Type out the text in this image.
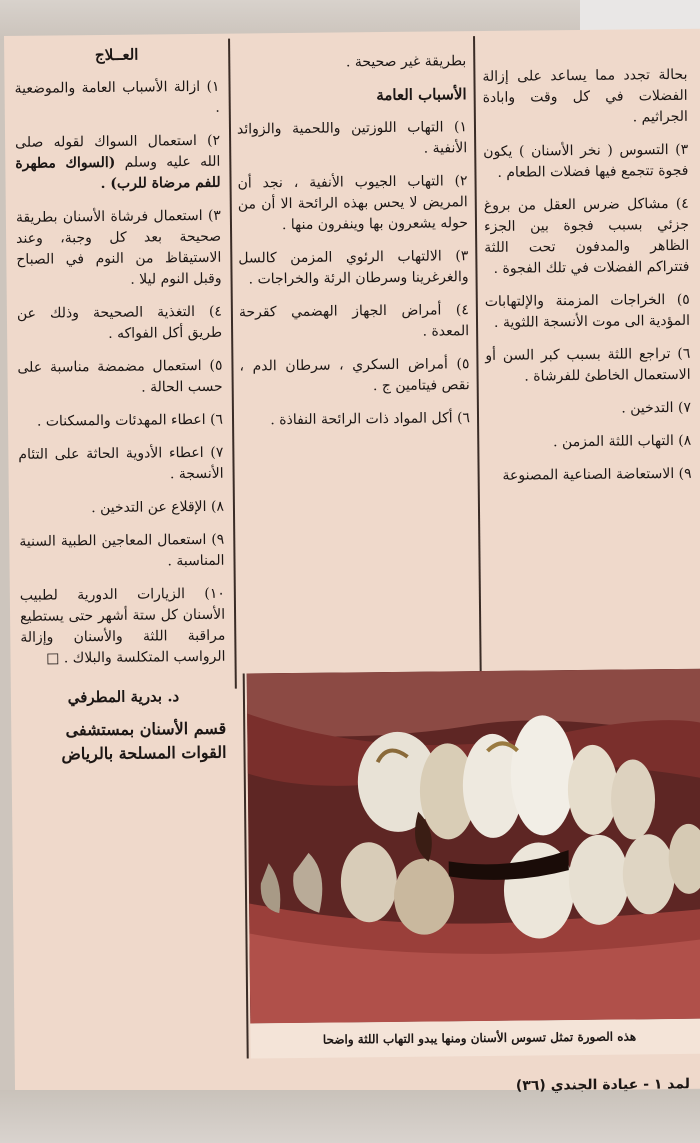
العــلاج

١) ازالة الأسباب العامة والموضعية .

٢) استعمال السواك لقوله صلى الله عليه وسلم (السواك مطهرة للفم مرضاة للرب) .

٣) استعمال فرشاة الأسنان بطريقة صحيحة بعد كل وجبة، وعند الاستيقاظ من النوم في الصباح وقبل النوم ليلا .

٤) التغذية الصحيحة وذلك عن طريق أكل الفواكه .

٥) استعمال مضمضة مناسبة على حسب الحالة .

٦) اعطاء المهدئات والمسكنات .

٧) اعطاء الأدوية الحاثة على التئام الأنسجة .

٨) الإقلاع عن التدخين .

٩) استعمال المعاجين الطبية السنية المناسبة .

١٠) الزيارات الدورية لطبيب الأسنان كل ستة أشهر حتى يستطيع مراقبة اللثة والأسنان وإزالة الرواسب المتكلسة والبلاك . □

د. بدرية المطرفي
قسم الأسنان بمستشفى القوات المسلحة بالرياض

بطريقة غير صحيحة .

الأسباب العامة

١) التهاب اللوزتين واللحمية والزوائد الأنفية .

٢) التهاب الجيوب الأنفية ، نجد أن المريض لا يحس بهذه الرائحة الا أن من حوله يشعرون بها وينفرون منها .

٣) الالتهاب الرئوي المزمن كالسل والغرغرينا وسرطان الرئة والخراجات .

٤) أمراض الجهاز الهضمي كقرحة المعدة .

٥) أمراض السكري ، سرطان الدم ، نقص فيتامين ج .

٦) أكل المواد ذات الرائحة النفاذة .

بحالة تجدد مما يساعد على إزالة الفضلات في كل وقت وابادة الجراثيم .

٣) التسوس ( نخر الأسنان ) يكون فجوة تتجمع فيها فضلات الطعام .

٤) مشاكل ضرس العقل من بروغ جزئي بسبب فجوة بين الجزء الظاهر والمدفون تحت اللثة فتتراكم الفضلات في تلك الفجوة .

٥) الخراجات المزمنة والإلتهابات المؤدية الى موت الأنسجة اللثوية .

٦) تراجع اللثة بسبب كبر السن أو الاستعمال الخاطئ للفرشاة .

٧) التدخين .

٨) التهاب اللثة المزمن .

٩) الاستعاضة الصناعية المصنوعة

هذه الصورة تمثل تسوس الأسنان ومنها يبدو التهاب اللثة واضحا
لمد ١ - عيادة الجندي (٣٦)
